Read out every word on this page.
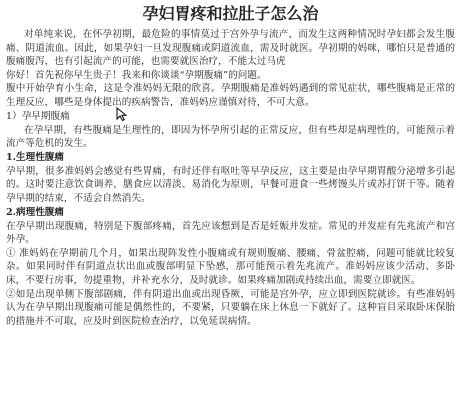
孕妇胃疼和拉肚子怎么治

对单纯来说，在怀孕初期，最危险的事情莫过于宫外孕与流产，而发生这两种情况时孕妇都会发生腹痛、阴道流血。因此，如果孕妇一旦发现腹痛或阴道流血，需及时就医。孕初期的妈咪，哪怕只是普通的腹痛腹泻，也有引起流产的可能，也需要就医治疗，不能太过马虎

你好！首先祝你早生贵子！我来和你谈谈“孕期腹痛”的问题。

腹中开始孕育小生命，这是令准妈妈无限的欣喜。孕期腹痛是准妈妈遇到的常见症状，哪些腹痛是正常的生理反应，哪些是身体提出的疾病警告，准妈妈应谨慎对待，不可大意。

1）孕早期腹痛

在孕早期，有些腹痛是生理性的，即因为怀孕所引起的正常反应，但有些却是病理性的，可能预示着流产等危机的发生。

1.生理性腹痛

孕早期，很多准妈妈会感觉有些胃痛，有时还伴有呕吐等早孕反应，这主要是由孕早期胃酸分泌增多引起的。这时要注意饮食调养，膳食应以清淡、易消化为原则，早餐可进食一些烤馒头片或苏打饼干等。随着孕早期的结束，不适会自然消失。

2.病理性腹痛

在孕早期出现腹痛，特别是下腹部疼痛，首先应该想到是否是妊娠并发症。常见的并发症有先兆流产和宫外孕。

① 准妈妈在孕期前几个月，如果出现阵发性小腹痛或有规则腹痛、腰痛、骨盆腔痛，问题可能就比较复杂。如果同时伴有阴道点状出血或腹部明显下坠感，那可能预示着先兆流产。准妈妈应该少活动、多卧床，不要行房事，勿提重物，并补充水分，及时就诊。如果疼痛加剧或持续出血，需要立即就医。

②如是出现单侧下腹部剧痛，伴有阴道出血或出现昏厥，可能是宫外孕，应立即到医院就诊。有些准妈妈认为在孕早期出现腹痛可能是偶然性的，不要紧，只要躺在床上休息一下就好了。这种盲目采取卧床保胎的措施并不可取，应及时到医院检查治疗，以免延误病情。
